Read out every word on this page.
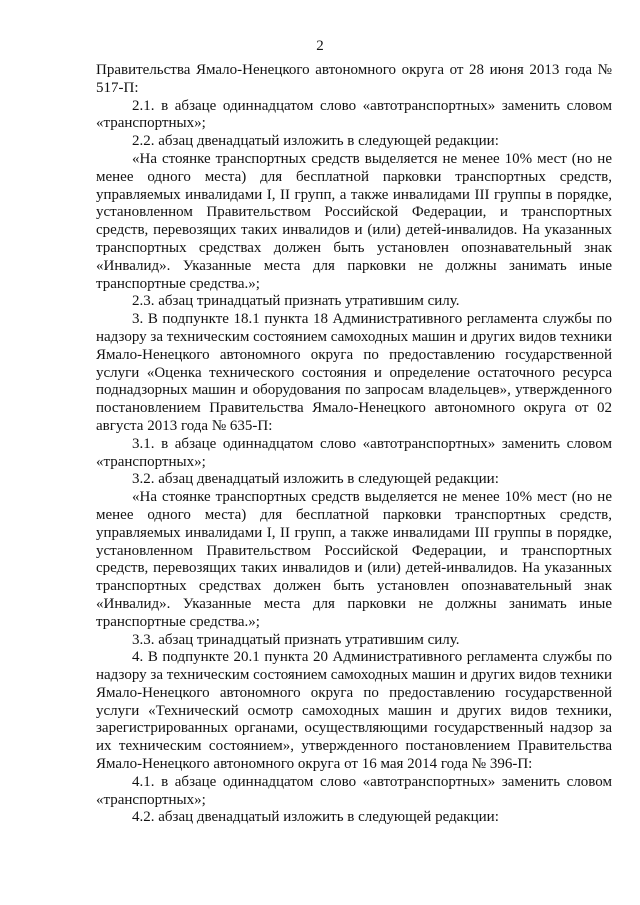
2

Правительства Ямало-Ненецкого автономного округа от 28 июня 2013 года № 517-П:

2.1. в абзаце одиннадцатом слово «автотранспортных» заменить словом «транспортных»;

2.2. абзац двенадцатый изложить в следующей редакции:

«На стоянке транспортных средств выделяется не менее 10% мест (но не менее одного места) для бесплатной парковки транспортных средств, управляемых инвалидами I, II групп, а также инвалидами III группы в порядке, установленном Правительством Российской Федерации, и транспортных средств, перевозящих таких инвалидов и (или) детей-инвалидов. На указанных транспортных средствах должен быть установлен опознавательный знак «Инвалид». Указанные места для парковки не должны занимать иные транспортные средства.»;

2.3. абзац тринадцатый признать утратившим силу.

3. В подпункте 18.1 пункта 18 Административного регламента службы по надзору за техническим состоянием самоходных машин и других видов техники Ямало-Ненецкого автономного округа по предоставлению государственной услуги «Оценка технического состояния и определение остаточного ресурса поднадзорных машин и оборудования по запросам владельцев», утвержденного постановлением Правительства Ямало-Ненецкого автономного округа от 02 августа 2013 года № 635-П:

3.1. в абзаце одиннадцатом слово «автотранспортных» заменить словом «транспортных»;

3.2. абзац двенадцатый изложить в следующей редакции:

«На стоянке транспортных средств выделяется не менее 10% мест (но не менее одного места) для бесплатной парковки транспортных средств, управляемых инвалидами I, II групп, а также инвалидами III группы в порядке, установленном Правительством Российской Федерации, и транспортных средств, перевозящих таких инвалидов и (или) детей-инвалидов. На указанных транспортных средствах должен быть установлен опознавательный знак «Инвалид». Указанные места для парковки не должны занимать иные транспортные средства.»;

3.3. абзац тринадцатый признать утратившим силу.

4. В подпункте 20.1 пункта 20 Административного регламента службы по надзору за техническим состоянием самоходных машин и других видов техники Ямало-Ненецкого автономного округа по предоставлению государственной услуги «Технический осмотр самоходных машин и других видов техники, зарегистрированных органами, осуществляющими государственный надзор за их техническим состоянием», утвержденного постановлением Правительства Ямало-Ненецкого автономного округа от 16 мая 2014 года № 396-П:

4.1. в абзаце одиннадцатом слово «автотранспортных» заменить словом «транспортных»;

4.2. абзац двенадцатый изложить в следующей редакции:
